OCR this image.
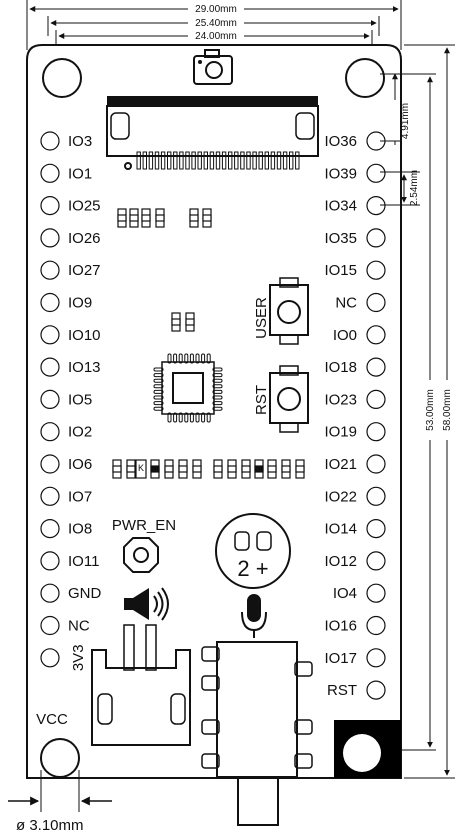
29.00mm
25.40mm
24.00mm
58.00mm
53.00mm
4.91mm
2.54mm
ø 3.10mm
IO3
IO1
IO25
IO26
IO27
IO9
IO10
IO13
IO5
IO2
IO6
IO7
IO8
IO11
GND
NC
3V3
IO36
IO39
IO34
IO35
IO15
NC
IO0
IO18
IO23
IO19
IO21
IO22
IO14
IO12
IO4
IO16
IO17
RST
K
USER
RST
PWR_EN
2 +
VCC
